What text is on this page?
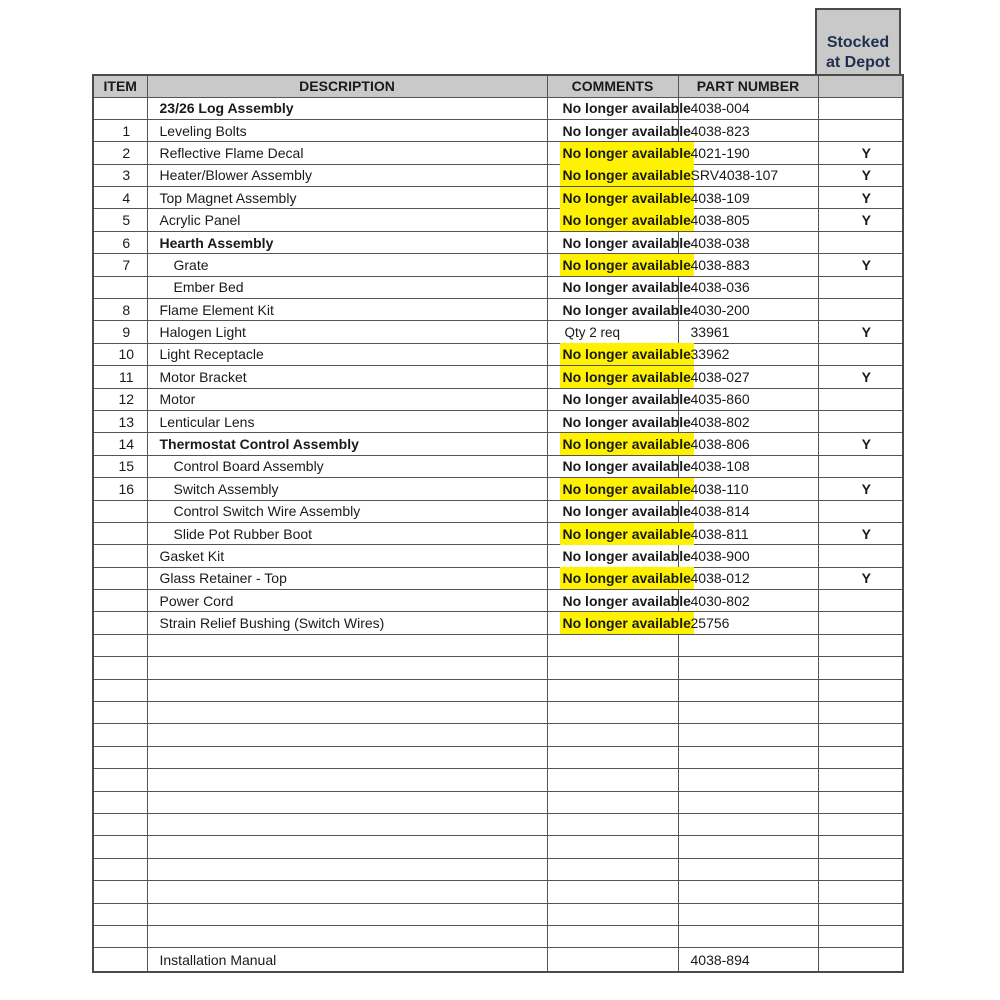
Stocked
at Depot
ITEM	DESCRIPTION	COMMENTS	PART NUMBER	
	23/26 Log Assembly	No longer available	4038-004	
1	Leveling Bolts	No longer available	4038-823	
2	Reflective Flame Decal	No longer available	4021-190	Y
3	Heater/Blower Assembly	No longer available	SRV4038-107	Y
4	Top Magnet Assembly	No longer available	4038-109	Y
5	Acrylic Panel	No longer available	4038-805	Y
6	Hearth Assembly	No longer available	4038-038	
7	Grate	No longer available	4038-883	Y
	Ember Bed	No longer available	4038-036	
8	Flame Element Kit	No longer available	4030-200	
9	Halogen Light	Qty 2 req	33961	Y
10	Light Receptacle	No longer available	33962	
11	Motor Bracket	No longer available	4038-027	Y
12	Motor	No longer available	4035-860	
13	Lenticular Lens	No longer available	4038-802	
14	Thermostat Control Assembly	No longer available	4038-806	Y
15	Control Board Assembly	No longer available	4038-108	
16	Switch Assembly	No longer available	4038-110	Y
	Control Switch Wire Assembly	No longer available	4038-814	
	Slide Pot Rubber Boot	No longer available	4038-811	Y
	Gasket Kit	No longer available	4038-900	
	Glass Retainer - Top	No longer available	4038-012	Y
	Power Cord	No longer available	4030-802	
	Strain Relief Bushing (Switch Wires)	No longer available	25756	

	Installation Manual		4038-894	
